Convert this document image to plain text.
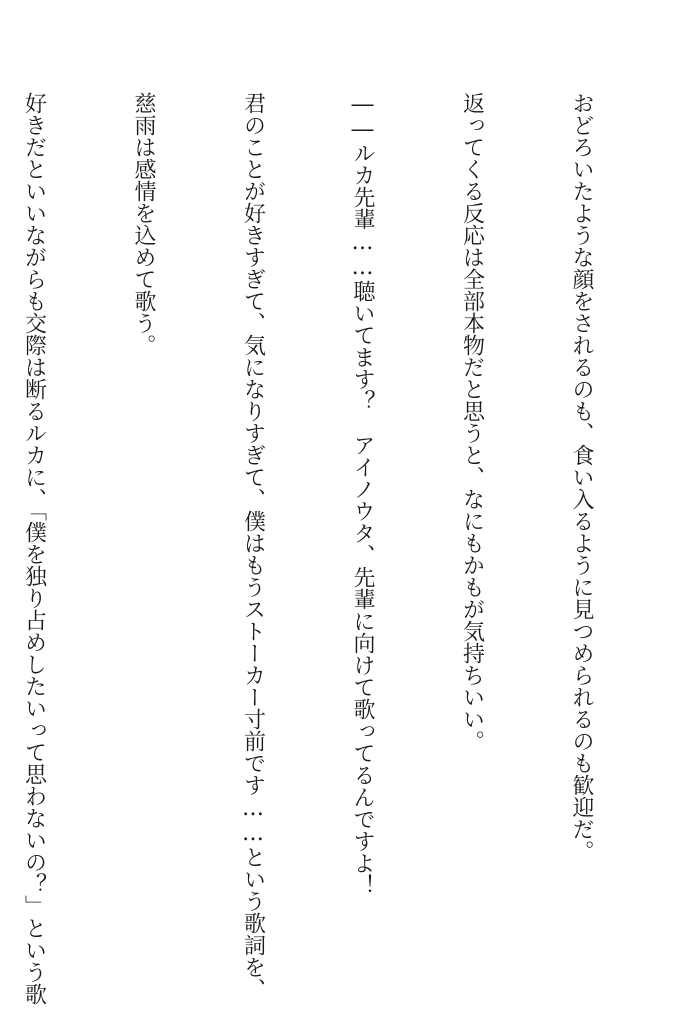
おどろいたような顔をされるのも、食い入るように見つめられるのも歓迎だ。

返ってくる反応は全部本物だと思うと、なにもかもが気持ちいい。

――ルカ先輩……聴いてます？　アイノウタ、先輩に向けて歌ってるんですよ！

君のことが好きすぎて、気になりすぎて、僕はもうストーカー寸前です……という歌詞を、

慈雨は感情を込めて歌う。

好きだといいながらも交際は断るルカに、「僕を独り占めしたいって思わないの？」という歌
